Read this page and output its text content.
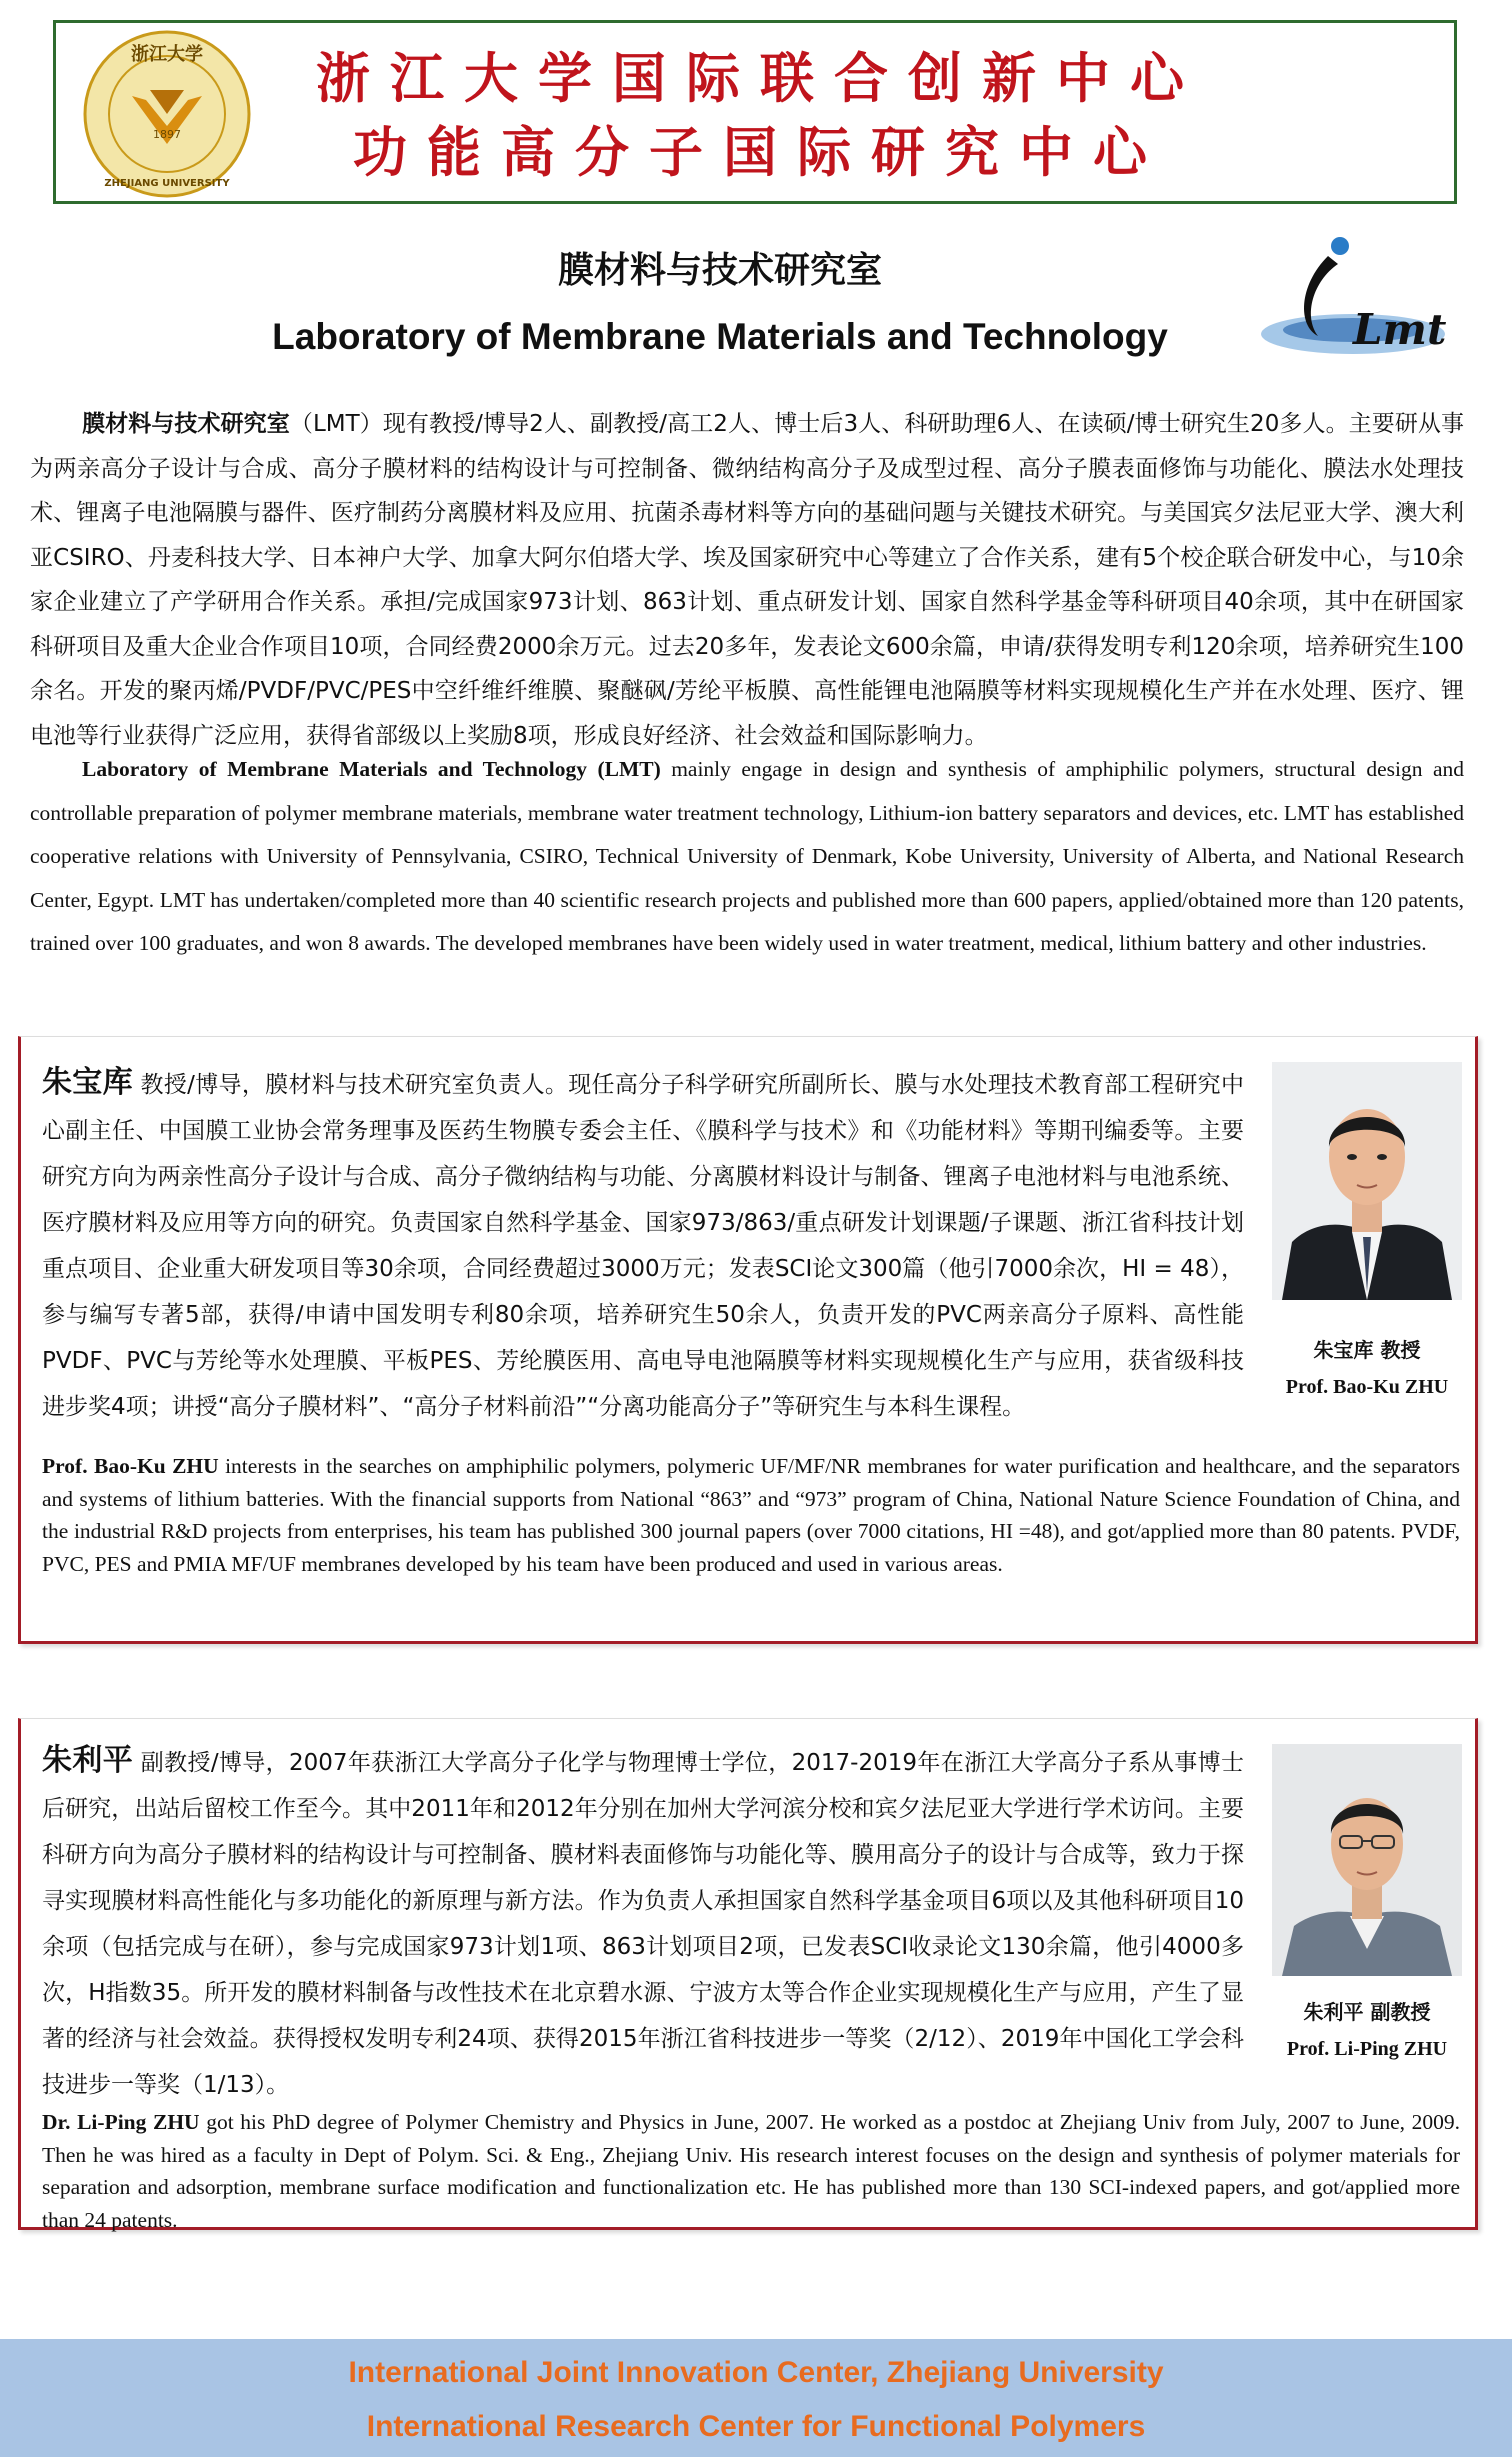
1897
浙江大学
ZHEJIANG UNIVERSITY
浙江大学国际联合创新中心
功能高分子国际研究中心
膜材料与技术研究室
Laboratory of Membrane Materials and Technology	Lmt
膜材料与技术研究室（LMT）现有教授/博导2人、副教授/高工2人、博士后3人、科研助理6人、在读硕/博士研究生20多人。主要研从事为两亲高分子设计与合成、高分子膜材料的结构设计与可控制备、微纳结构高分子及成型过程、高分子膜表面修饰与功能化、膜法水处理技术、锂离子电池隔膜与器件、医疗制药分离膜材料及应用、抗菌杀毒材料等方向的基础问题与关键技术研究。与美国宾夕法尼亚大学、澳大利亚CSIRO、丹麦科技大学、日本神户大学、加拿大阿尔伯塔大学、埃及国家研究中心等建立了合作关系，建有5个校企联合研发中心，与10余家企业建立了产学研用合作关系。承担/完成国家973计划、863计划、重点研发计划、国家自然科学基金等科研项目40余项，其中在研国家科研项目及重大企业合作项目10项，合同经费2000余万元。过去20多年，发表论文600余篇，申请/获得发明专利120余项，培养研究生100余名。开发的聚丙烯/PVDF/PVC/PES中空纤维纤维膜、聚醚砜/芳纶平板膜、高性能锂电池隔膜等材料实现规模化生产并在水处理、医疗、锂电池等行业获得广泛应用，获得省部级以上奖励8项，形成良好经济、社会效益和国际影响力。
Laboratory of Membrane Materials and Technology (LMT) mainly engage in design and synthesis of amphiphilic polymers, structural design and controllable preparation of polymer membrane materials, membrane water treatment technology, Lithium-ion battery separators and devices, etc. LMT has established cooperative relations with University of Pennsylvania, CSIRO, Technical University of Denmark, Kobe University, University of Alberta, and National Research Center, Egypt. LMT has undertaken/completed more than 40 scientific research projects and published more than 600 papers, applied/obtained more than 120 patents, trained over 100 graduates, and won 8 awards. The developed membranes have been widely used in water treatment, medical, lithium battery and other industries.
朱宝库 教授/博导，膜材料与技术研究室负责人。现任高分子科学研究所副所长、膜与水处理技术教育部工程研究中心副主任、中国膜工业协会常务理事及医药生物膜专委会主任、《膜科学与技术》和《功能材料》等期刊编委等。主要研究方向为两亲性高分子设计与合成、高分子微纳结构与功能、分离膜材料设计与制备、锂离子电池材料与电池系统、医疗膜材料及应用等方向的研究。负责国家自然科学基金、国家973/863/重点研发计划课题/子课题、浙江省科技计划重点项目、企业重大研发项目等30余项，合同经费超过3000万元；发表SCI论文300篇（他引7000余次，HI = 48），参与编写专著5部，获得/申请中国发明专利80余项，培养研究生50余人，负责开发的PVC两亲高分子原料、高性能PVDF、PVC与芳纶等水处理膜、平板PES、芳纶膜医用、高电导电池隔膜等材料实现规模化生产与应用，获省级科技进步奖4项；讲授“高分子膜材料”、“高分子材料前沿”“分离功能高分子”等研究生与本科生课程。
朱宝库 教授
Prof. Bao-Ku ZHU
Prof. Bao-Ku ZHU interests in the searches on amphiphilic polymers, polymeric UF/MF/NR membranes for water purification and healthcare, and the separators and systems of lithium batteries. With the financial supports from National “863” and “973” program of China, National Nature Science Foundation of China, and the industrial R&D projects from enterprises, his team has published 300 journal papers (over 7000 citations, HI =48), and got/applied more than 80 patents. PVDF, PVC, PES and PMIA MF/UF membranes developed by his team have been produced and used in various areas.
朱利平 副教授/博导，2007年获浙江大学高分子化学与物理博士学位，2017-2019年在浙江大学高分子系从事博士后研究，出站后留校工作至今。其中2011年和2012年分别在加州大学河滨分校和宾夕法尼亚大学进行学术访问。主要科研方向为高分子膜材料的结构设计与可控制备、膜材料表面修饰与功能化等、膜用高分子的设计与合成等，致力于探寻实现膜材料高性能化与多功能化的新原理与新方法。作为负责人承担国家自然科学基金项目6项以及其他科研项目10余项（包括完成与在研），参与完成国家973计划1项、863计划项目2项，已发表SCI收录论文130余篇，他引4000多次，H指数35。所开发的膜材料制备与改性技术在北京碧水源、宁波方太等合作企业实现规模化生产与应用，产生了显著的经济与社会效益。获得授权发明专利24项、获得2015年浙江省科技进步一等奖（2/12）、2019年中国化工学会科技进步一等奖（1/13）。
朱利平 副教授
Prof. Li-Ping ZHU
Dr. Li-Ping ZHU got his PhD degree of Polymer Chemistry and Physics in June, 2007. He worked as a postdoc at Zhejiang Univ from July, 2007 to June, 2009. Then he was hired as a faculty in Dept of Polym. Sci. & Eng., Zhejiang Univ. His research interest focuses on the design and synthesis of polymer materials for separation and adsorption, membrane surface modification and functionalization etc. He has published more than 130 SCI-indexed papers, and got/applied more than 24 patents.
International Joint Innovation Center, Zhejiang University
International Research Center for Functional Polymers
